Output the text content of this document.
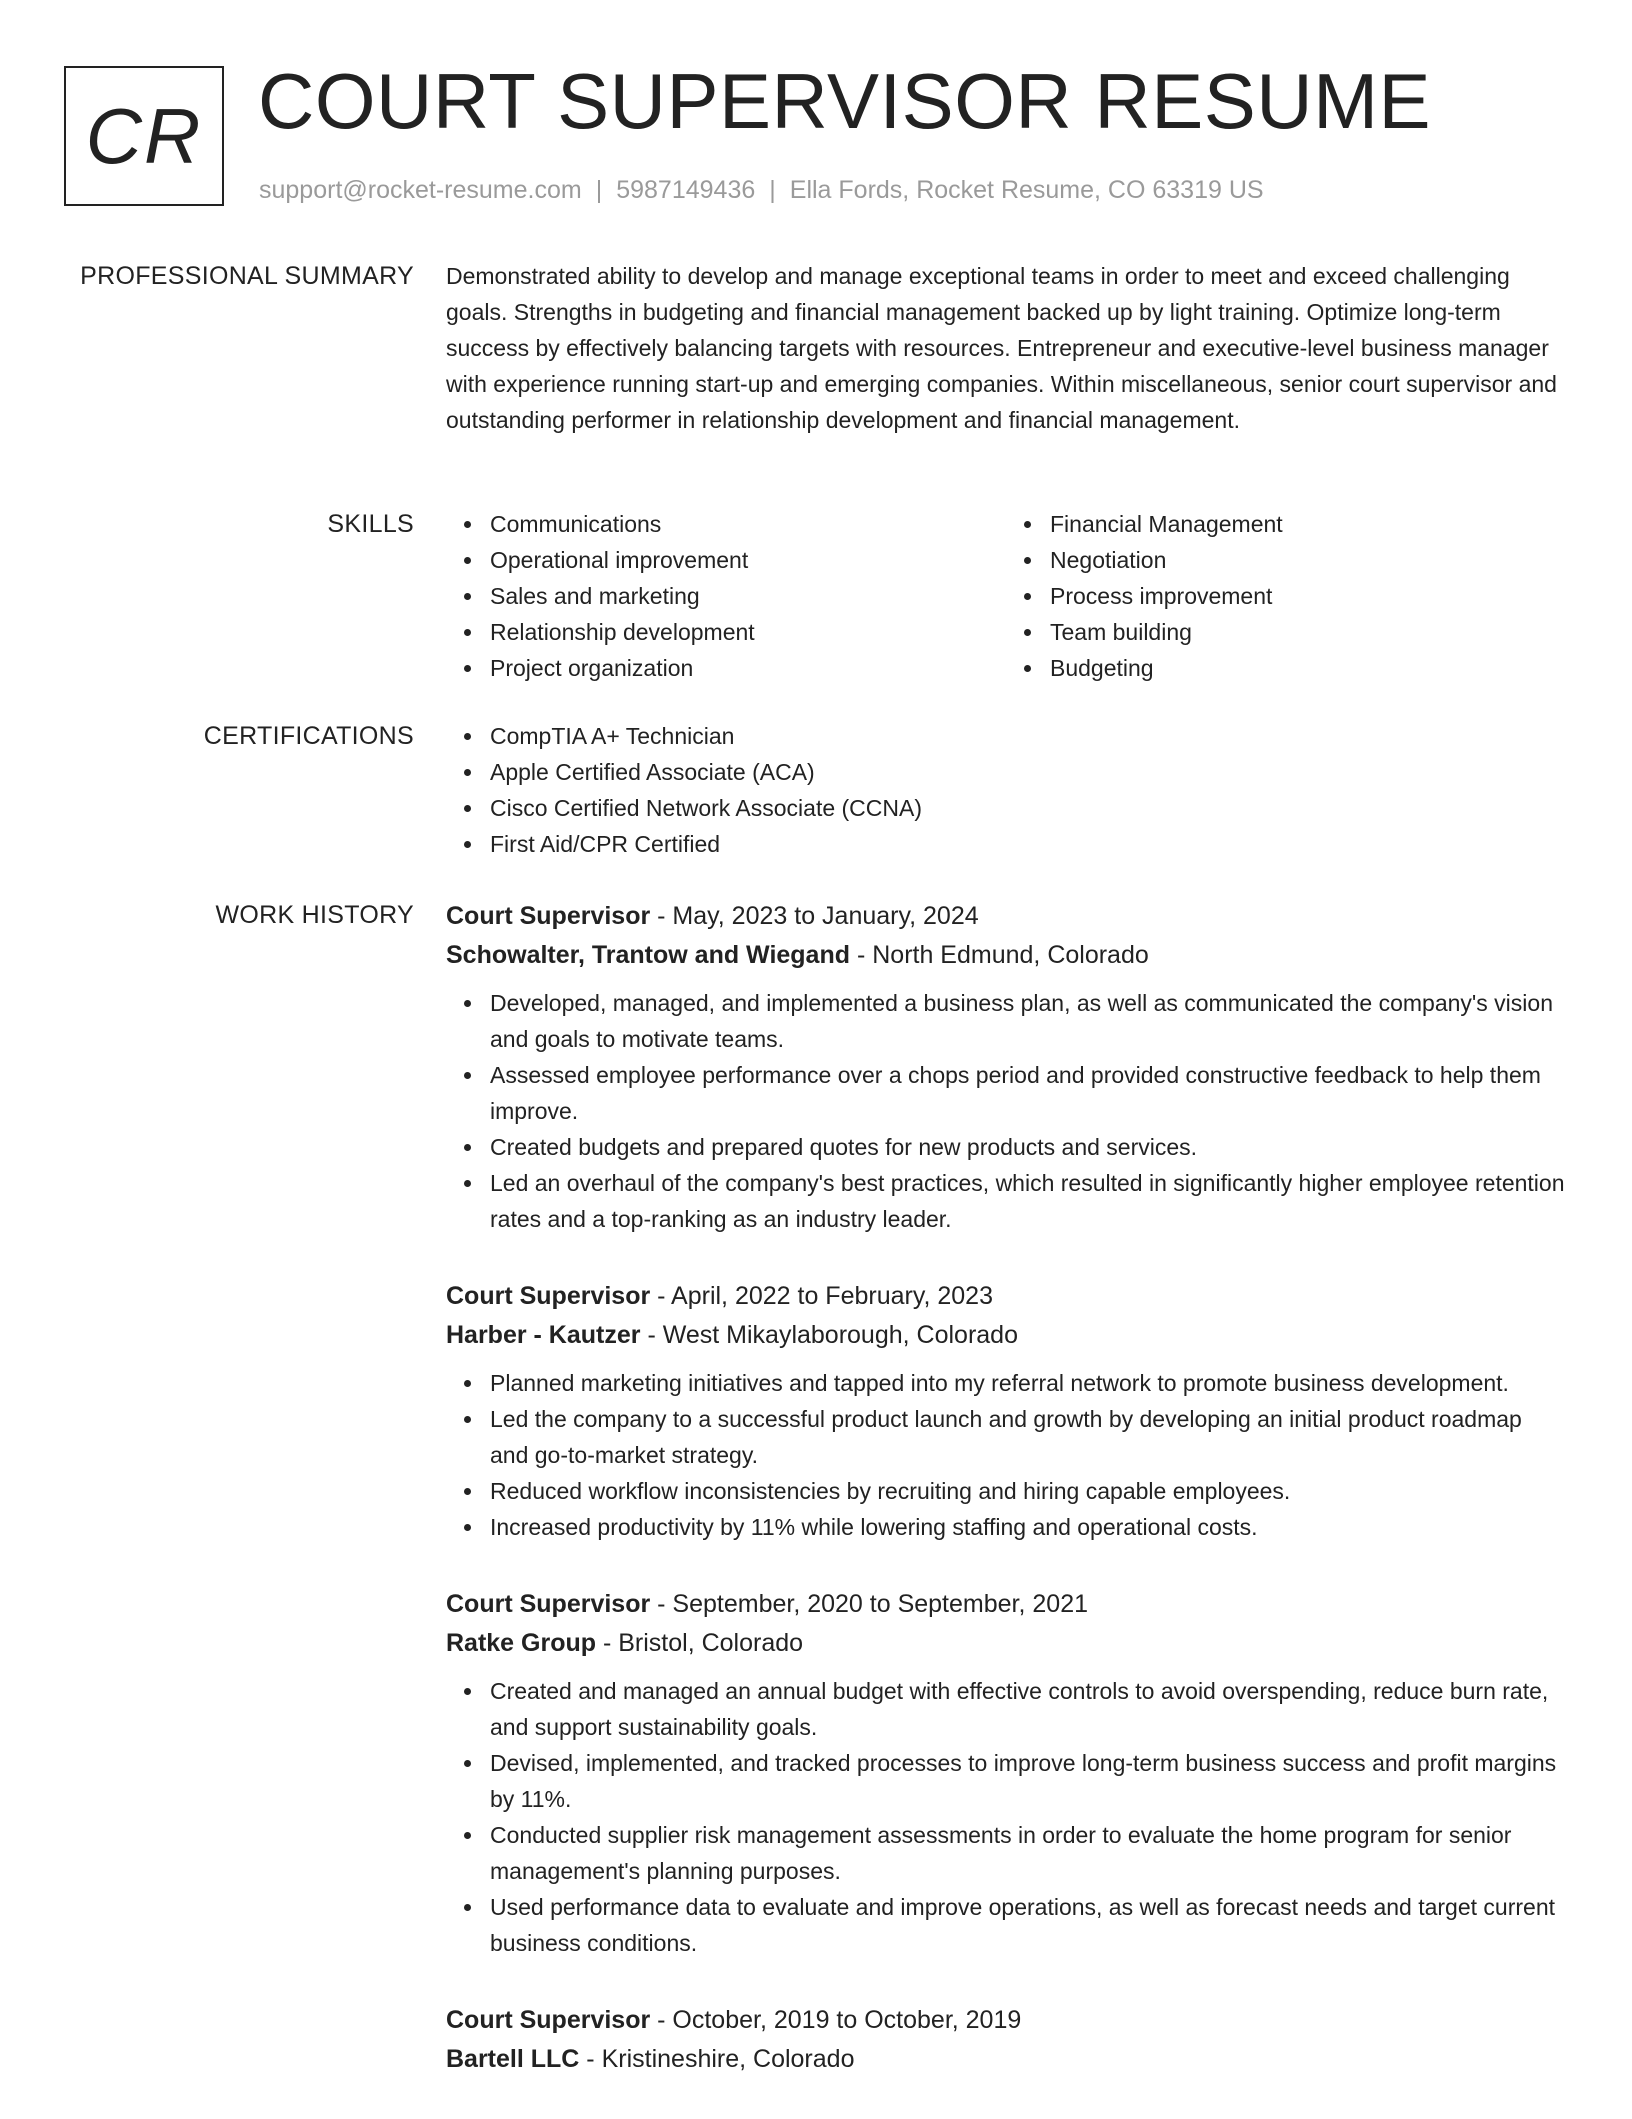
CR COURT SUPERVISOR RESUME
support@rocket-resume.com | 5987149436 | Ella Fords, Rocket Resume, CO 63319 US
PROFESSIONAL SUMMARY Demonstrated ability to develop and manage exceptional teams in order to meet and exceed challenging goals. Strengths in budgeting and financial management backed up by light training. Optimize long-term success by effectively balancing targets with resources. Entrepreneur and executive-level business manager with experience running start-up and emerging companies. Within miscellaneous, senior court supervisor and outstanding performer in relationship development and financial management.

SKILLS	Communications
Operational improvement
Sales and marketing
Relationship development
Project organization
Financial Management
Negotiation
Process improvement
Team building
Budgeting
CERTIFICATIONS	CompTIA A+ Technician
Apple Certified Associate (ACA)
Cisco Certified Network Associate (CCNA)
First Aid/CPR Certified
WORK HISTORY Court Supervisor - May, 2023 to January, 2024
Schowalter, Trantow and Wiegand - North Edmund, Colorado
Developed, managed, and implemented a business plan, as well as communicated the company's vision and goals to motivate teams.
Assessed employee performance over a chops period and provided constructive feedback to help them improve.
Created budgets and prepared quotes for new products and services.
Led an overhaul of the company's best practices, which resulted in significantly higher employee retention rates and a top-ranking as an industry leader.
Court Supervisor - April, 2022 to February, 2023
Harber - Kautzer - West Mikaylaborough, Colorado
Planned marketing initiatives and tapped into my referral network to promote business development.
Led the company to a successful product launch and growth by developing an initial product roadmap and go-to-market strategy.
Reduced workflow inconsistencies by recruiting and hiring capable employees.
Increased productivity by 11% while lowering staffing and operational costs.
Court Supervisor - September, 2020 to September, 2021
Ratke Group - Bristol, Colorado
Created and managed an annual budget with effective controls to avoid overspending, reduce burn rate, and support sustainability goals.
Devised, implemented, and tracked processes to improve long-term business success and profit margins by 11%.
Conducted supplier risk management assessments in order to evaluate the home program for senior management's planning purposes.
Used performance data to evaluate and improve operations, as well as forecast needs and target current business conditions.
Court Supervisor - October, 2019 to October, 2019
Bartell LLC - Kristineshire, Colorado
